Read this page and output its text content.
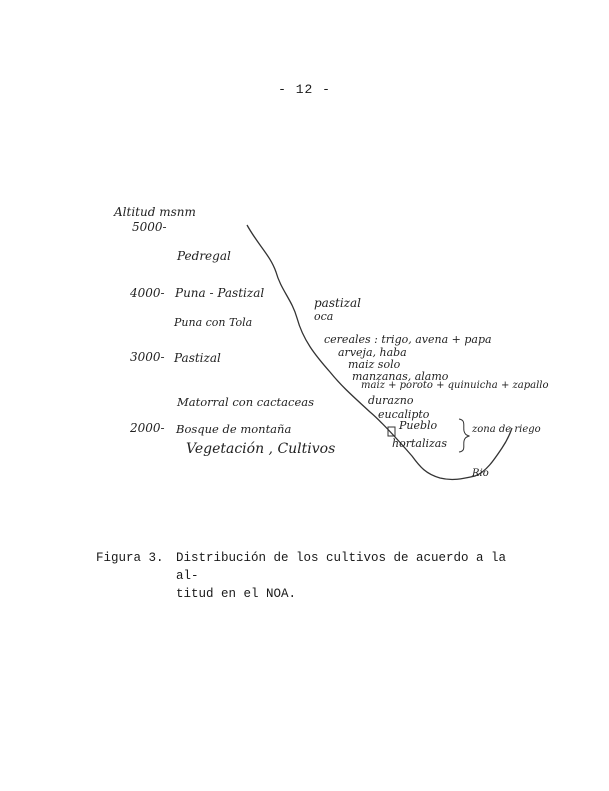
- 12 -
Altitud msnm
5000-
4000-
3000-
2000-
Pedregal
Puna - Pastizal
Puna con Tola
Pastizal
Matorral con cactaceas
Bosque de montaña
Vegetación , Cultivos
pastizal
oca
cereales : trigo, avena + papa
arveja, haba
maiz solo
manzanas, alamo
maiz + poroto + quinuicha + zapallo
durazno
eucalipto
Pueblo
hortalizas
zona de riego
Rio
Figura 3. Distribución de los cultivos de acuerdo a la al-
titud en el NOA.
